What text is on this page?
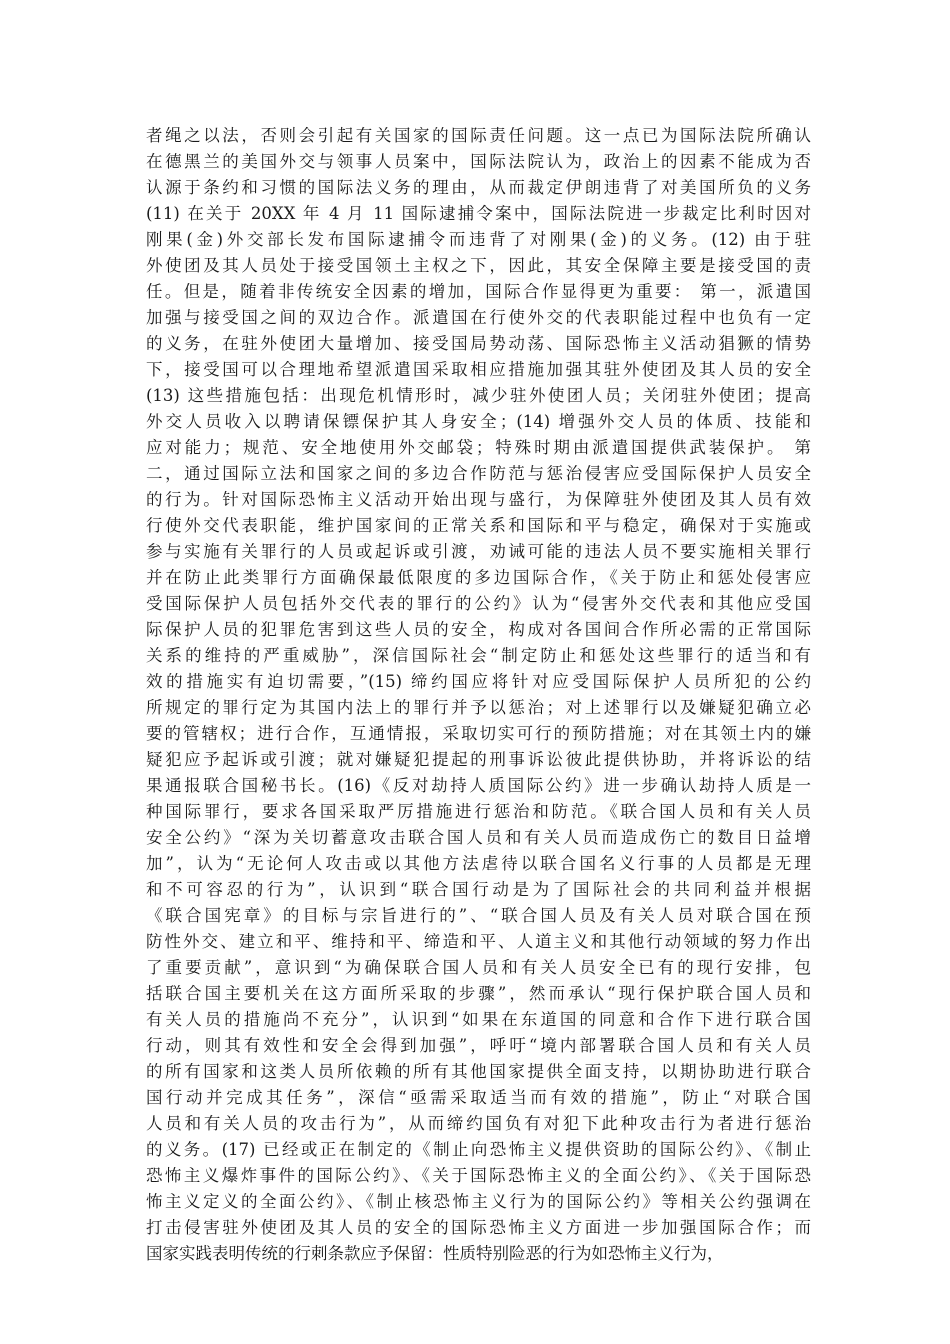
者绳之以法，否则会引起有关国家的国际责任问题。这一点已为国际法院所确认
在德黑兰的美国外交与领事人员案中，国际法院认为，政治上的因素不能成为否
认源于条约和习惯的国际法义务的理由，从而裁定伊朗违背了对美国所负的义务
(11) 在关于 20XX 年 4 月 11 国际逮捕令案中，国际法院进一步裁定比利时因对
刚果(金)外交部长发布国际逮捕令而违背了对刚果(金)的义务。(12) 由于驻
外使团及其人员处于接受国领土主权之下，因此，其安全保障主要是接受国的责
任。但是，随着非传统安全因素的增加，国际合作显得更为重要： 第一，派遣国
加强与接受国之间的双边合作。派遣国在行使外交的代表职能过程中也负有一定
的义务，在驻外使团大量增加、接受国局势动荡、国际恐怖主义活动猖獗的情势
下，接受国可以合理地希望派遣国采取相应措施加强其驻外使团及其人员的安全
(13) 这些措施包括：出现危机情形时，减少驻外使团人员；关闭驻外使团；提高
外交人员收入以聘请保镖保护其人身安全；(14) 增强外交人员的体质、技能和
应对能力；规范、安全地使用外交邮袋；特殊时期由派遣国提供武装保护。 第
二，通过国际立法和国家之间的多边合作防范与惩治侵害应受国际保护人员安全
的行为。针对国际恐怖主义活动开始出现与盛行，为保障驻外使团及其人员有效
行使外交代表职能，维护国家间的正常关系和国际和平与稳定，确保对于实施或
参与实施有关罪行的人员或起诉或引渡，劝诫可能的违法人员不要实施相关罪行
并在防止此类罪行方面确保最低限度的多边国际合作，《关于防止和惩处侵害应
受国际保护人员包括外交代表的罪行的公约》认为“侵害外交代表和其他应受国
际保护人员的犯罪危害到这些人员的安全，构成对各国间合作所必需的正常国际
关系的维持的严重威胁”，深信国际社会“制定防止和惩处这些罪行的适当和有
效的措施实有迫切需要，”(15) 缔约国应将针对应受国际保护人员所犯的公约
所规定的罪行定为其国内法上的罪行并予以惩治；对上述罪行以及嫌疑犯确立必
要的管辖权；进行合作，互通情报，采取切实可行的预防措施；对在其领土内的嫌
疑犯应予起诉或引渡；就对嫌疑犯提起的刑事诉讼彼此提供协助，并将诉讼的结
果通报联合国秘书长。(16)《反对劫持人质国际公约》进一步确认劫持人质是一
种国际罪行，要求各国采取严厉措施进行惩治和防范。《联合国人员和有关人员
安全公约》“深为关切蓄意攻击联合国人员和有关人员而造成伤亡的数目日益增
加”，认为“无论何人攻击或以其他方法虐待以联合国名义行事的人员都是无理
和不可容忍的行为”，认识到“联合国行动是为了国际社会的共同利益并根据
《联合国宪章》的目标与宗旨进行的”、“联合国人员及有关人员对联合国在预
防性外交、建立和平、维持和平、缔造和平、人道主义和其他行动领域的努力作出
了重要贡献”，意识到“为确保联合国人员和有关人员安全已有的现行安排，包
括联合国主要机关在这方面所采取的步骤”，然而承认“现行保护联合国人员和
有关人员的措施尚不充分”，认识到“如果在东道国的同意和合作下进行联合国
行动，则其有效性和安全会得到加强”，呼吁“境内部署联合国人员和有关人员
的所有国家和这类人员所依赖的所有其他国家提供全面支持，以期协助进行联合
国行动并完成其任务”，深信“亟需采取适当而有效的措施”，防止“对联合国
人员和有关人员的攻击行为”，从而缔约国负有对犯下此种攻击行为者进行惩治
的义务。(17) 已经或正在制定的《制止向恐怖主义提供资助的国际公约》、《制止
恐怖主义爆炸事件的国际公约》、《关于国际恐怖主义的全面公约》、《关于国际恐
怖主义定义的全面公约》、《制止核恐怖主义行为的国际公约》等相关公约强调在
打击侵害驻外使团及其人员的安全的国际恐怖主义方面进一步加强国际合作；而
国家实践表明传统的行刺条款应予保留：性质特别险恶的行为如恐怖主义行为，
